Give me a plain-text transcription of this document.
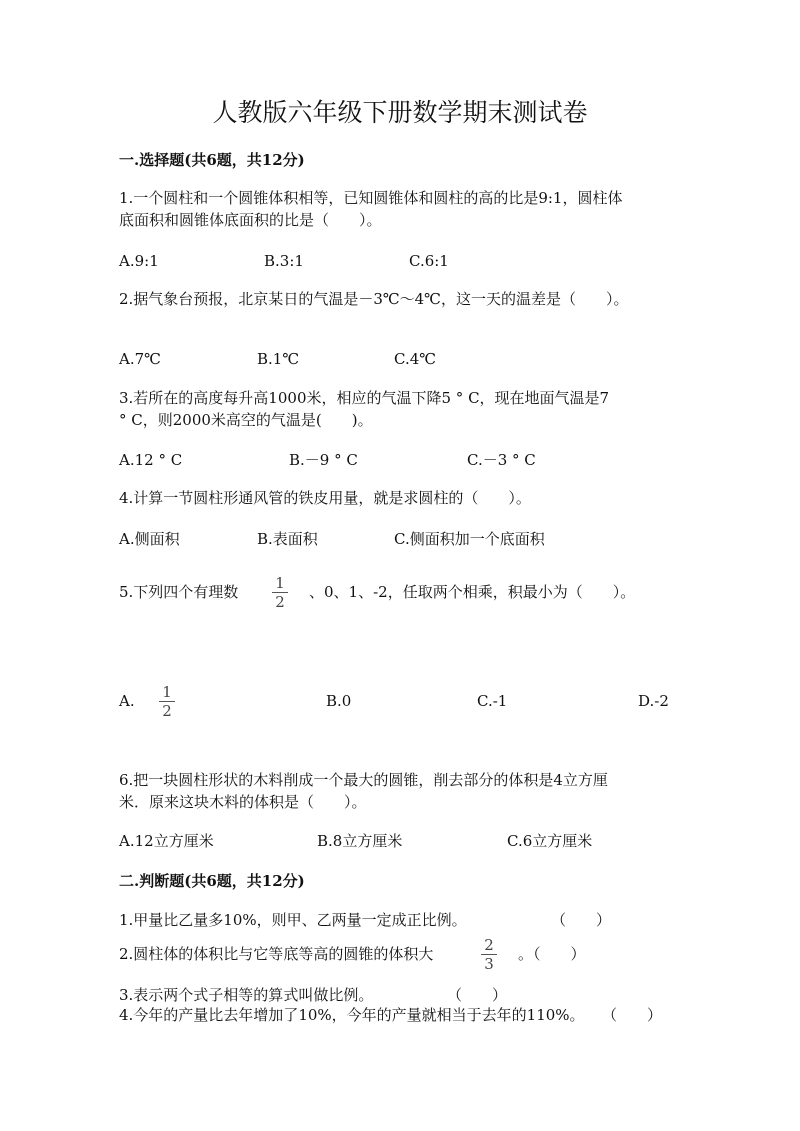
人教版六年级下册数学期末测试卷
一.选择题(共6题，共12分)
1.一个圆柱和一个圆锥体积相等，已知圆锥体和圆柱的高的比是9:1，圆柱体
底面积和圆锥体底面积的比是（　　）。
A.9:1	B.3:1	C.6:1
2.据气象台预报，北京某日的气温是－3℃～4℃，这一天的温差是（　　）。
A.7℃	B.1℃	C.4℃
3.若所在的高度每升高1000米，相应的气温下降5 ° C，现在地面气温是7
° C，则2000米高空的气温是(　　)。
A.12 ° C	B.－9 ° C	C.－3 ° C
4.计算一节圆柱形通风管的铁皮用量，就是求圆柱的（　　）。
A.侧面积	B.表面积	C.侧面积加一个底面积
5.下列四个有理数	1
2
、0、1、-2，任取两个相乘，积最小为（　　）。
A.	1
2
B.0	C.-1	D.-2
6.把一块圆柱形状的木料削成一个最大的圆锥，削去部分的体积是4立方厘
米．原来这块木料的体积是（　　）。
A.12立方厘米	B.8立方厘米	C.6立方厘米
二.判断题(共6题，共12分)
1.甲量比乙量多10%，则甲、乙两量一定成正比例。	（　　）
2.圆柱体的体积比与它等底等高的圆锥的体积大	2
3
。（　　）
3.表示两个式子相等的算式叫做比例。	（　　）
4.今年的产量比去年增加了10%，今年的产量就相当于去年的110%。 （　　）
